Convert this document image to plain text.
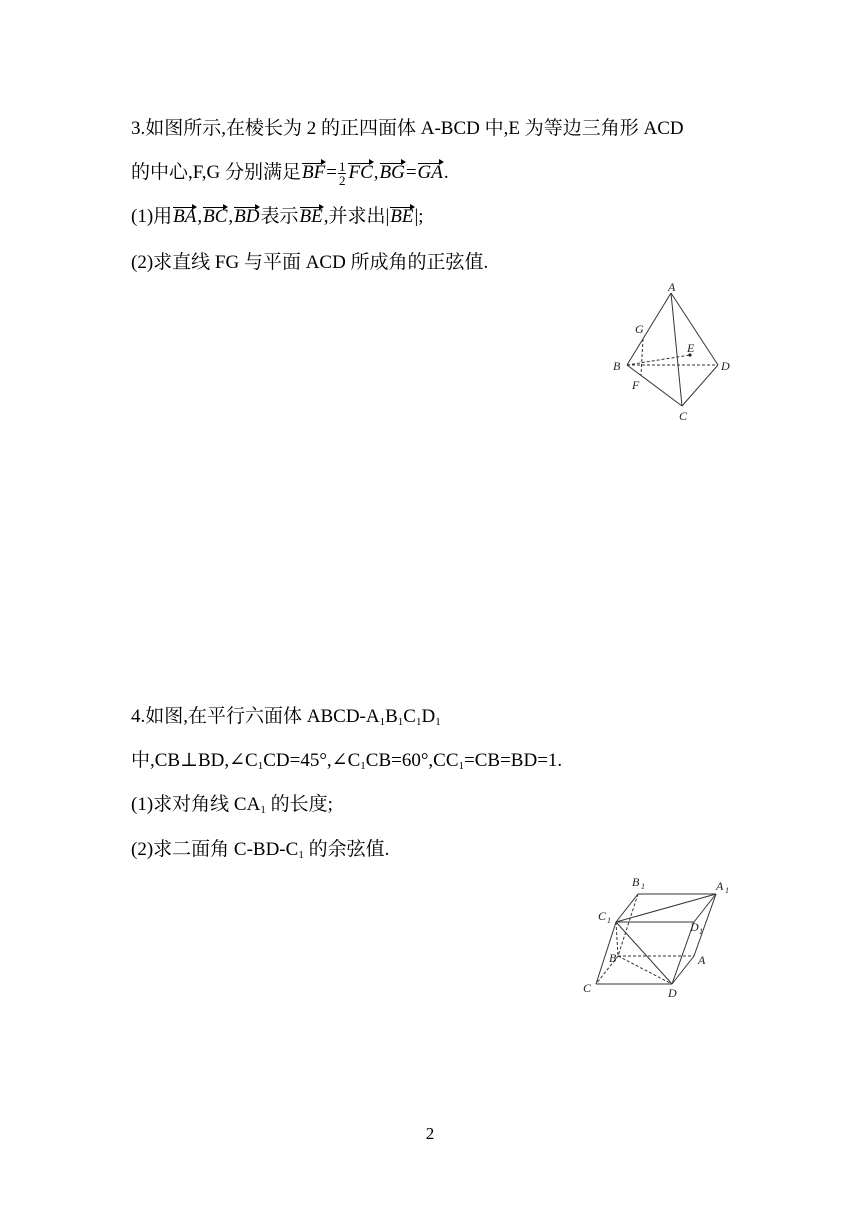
3.如图所示,在棱长为 2 的正四面体 A-BCD 中,E 为等边三角形 ACD
的中心,F,G 分别满足$BF= \frac{1}{2} FC,BG=GA$.
(1)用BA,BC,BD表示BE,并求出|BE|;
(2)求直线 FG 与平面 ACD 所成角的正弦值.
A
B
C
D
E
F
G
4.如图,在平行六面体 ABCD-$A_1B_1C_1D_1$
中$,CB\perp BD,\angle C_1CD=45^\circ,\angle C_1CB=60^\circ,CC_1=CB=BD=1$.
(1)求对角线 $CA_1$ 的长度;
(2)求二面角 $C-BD-C_1$ 的余弦值.
B 1	A 1
C 1	D 1
B	A
C	D
2
